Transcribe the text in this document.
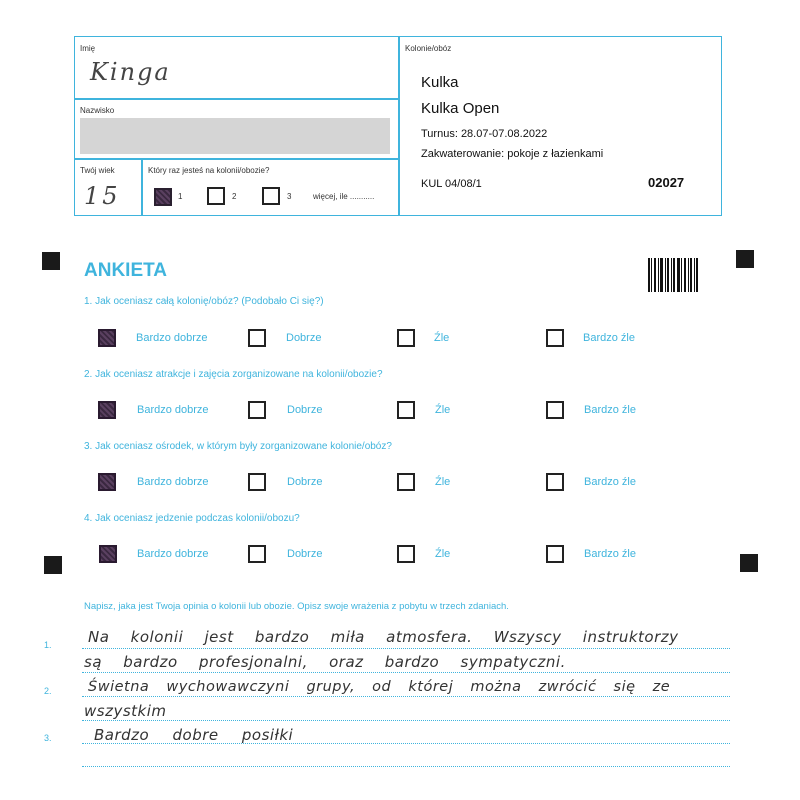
Imię
Kinga
Nazwisko
Twój wiek
15
Który raz jesteś na kolonii/obozie?
1	2	3	więcej, ile ...........
Kolonie/obóz
Kulka
Kulka Open
Turnus: 28.07-07.08.2022
Zakwaterowanie: pokoje z łazienkami
KUL 04/08/1	02027
ANKIETA
1. Jak oceniasz całą kolonię/obóz? (Podobało Ci się?)
Bardzo dobrze	Dobrze	Źle	Bardzo źle
2. Jak oceniasz atrakcje i zajęcia zorganizowane na kolonii/obozie?
Bardzo dobrze	Dobrze	Źle	Bardzo źle
3. Jak oceniasz ośrodek, w którym były zorganizowane kolonie/obóz?
Bardzo dobrze	Dobrze	Źle	Bardzo źle
4. Jak oceniasz jedzenie podczas kolonii/obozu?
Bardzo dobrze	Dobrze	Źle	Bardzo źle
Napisz, jaka jest Twoja opinia o kolonii lub obozie. Opisz swoje wrażenia z pobytu w trzech zdaniach.
1.
2.
3.
Na kolonii jest bardzo miła atmosfera. Wszyscy instruktorzy
są bardzo profesjonalni, oraz bardzo sympatyczni.
Świetna wychowawczyni grupy, od której można zwrócić się ze
wszystkim
Bardzo dobre posiłki
